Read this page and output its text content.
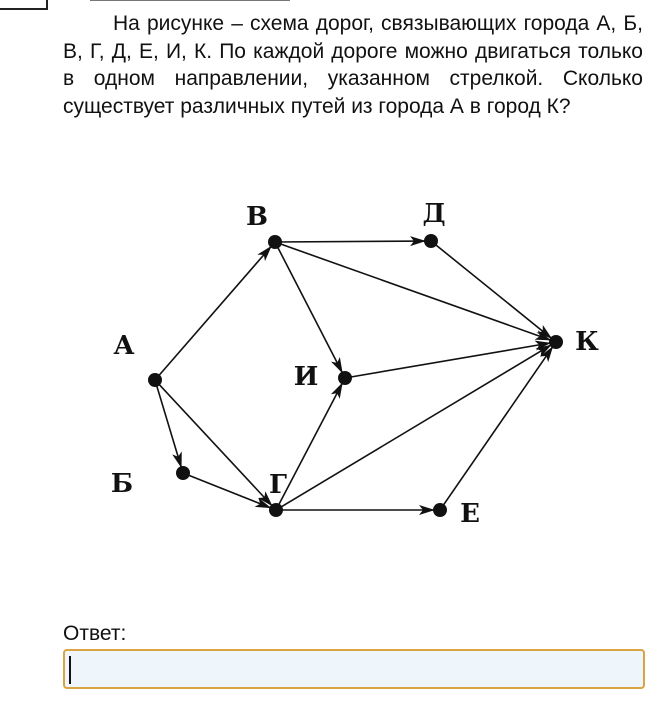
На рисунке – схема дорог, связывающих города А, Б, В, Г, Д, Е, И, К. По каждой дороге можно двигаться только в одном направлении, указанном стрелкой. Сколько существует различных путей из города А в город К?

А
Б
В
Г
Д
Е
И
К

Ответ:
